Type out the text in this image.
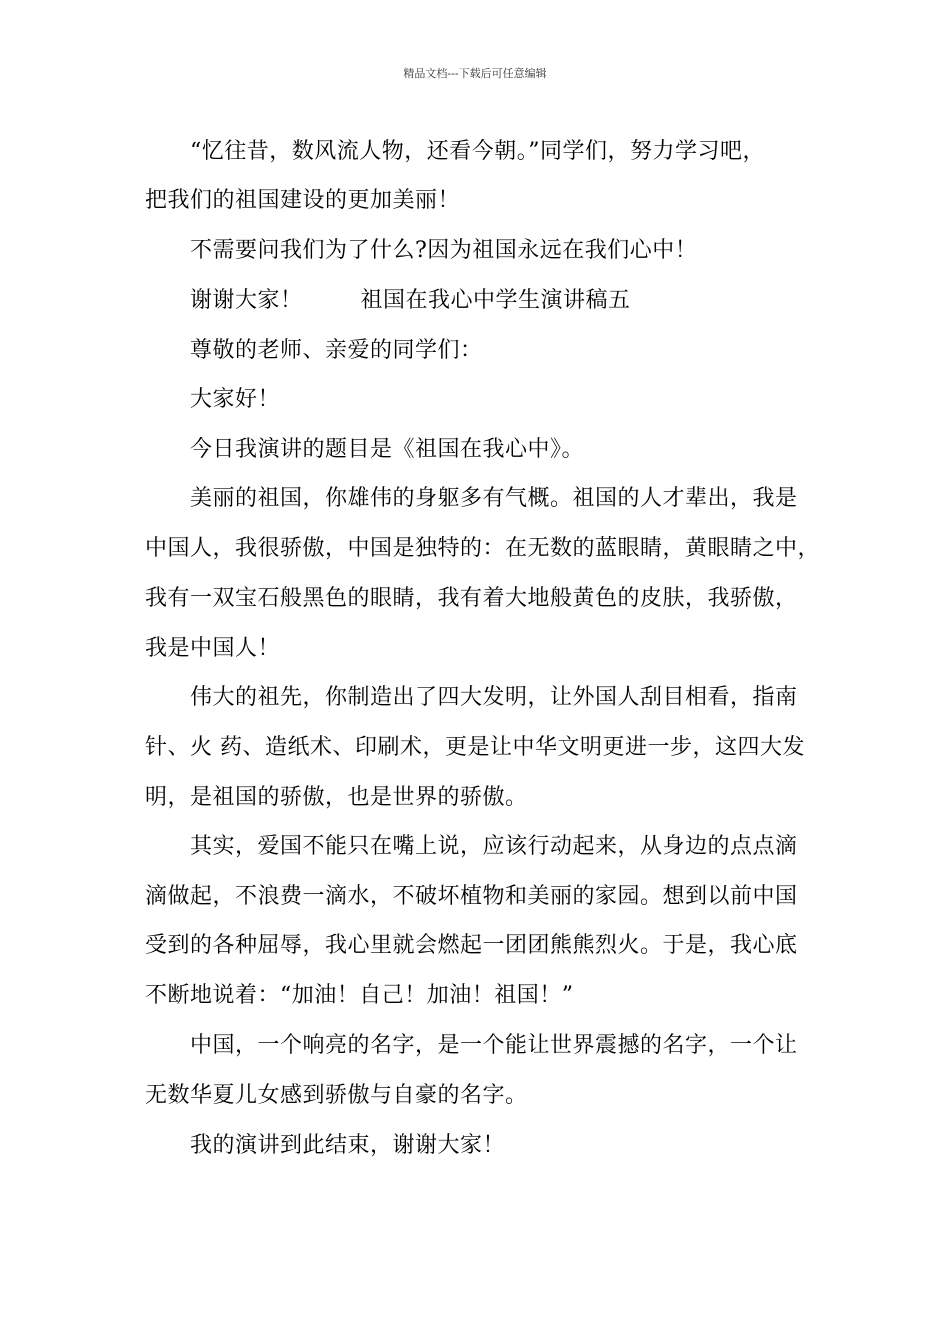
精品文档---下载后可任意编辑
“忆往昔，数风流人物，还看今朝。”同学们，努力学习吧，
把我们的祖国建设的更加美丽！
不需要问我们为了什么?因为祖国永远在我们心中！
谢谢大家！	祖国在我心中学生演讲稿五
尊敬的老师、亲爱的同学们：
大家好！
今日我演讲的题目是《祖国在我心中》。
美丽的祖国，你雄伟的身躯多有气概。祖国的人才辈出，我是
中国人，我很骄傲，中国是独特的：在无数的蓝眼睛，黄眼睛之中，
我有一双宝石般黑色的眼睛，我有着大地般黄色的皮肤，我骄傲，
我是中国人！
伟大的祖先，你制造出了四大发明，让外国人刮目相看，指南
针、火 药、造纸术、印刷术，更是让中华文明更进一步，这四大发
明，是祖国的骄傲，也是世界的骄傲。
其实，爱国不能只在嘴上说，应该行动起来，从身边的点点滴
滴做起，不浪费一滴水，不破坏植物和美丽的家园。想到以前中国
受到的各种屈辱，我心里就会燃起一团团熊熊烈火。于是，我心底
不断地说着：“加油！自己！加油！祖国！”
中国，一个响亮的名字，是一个能让世界震撼的名字，一个让
无数华夏儿女感到骄傲与自豪的名字。
我的演讲到此结束，谢谢大家！
